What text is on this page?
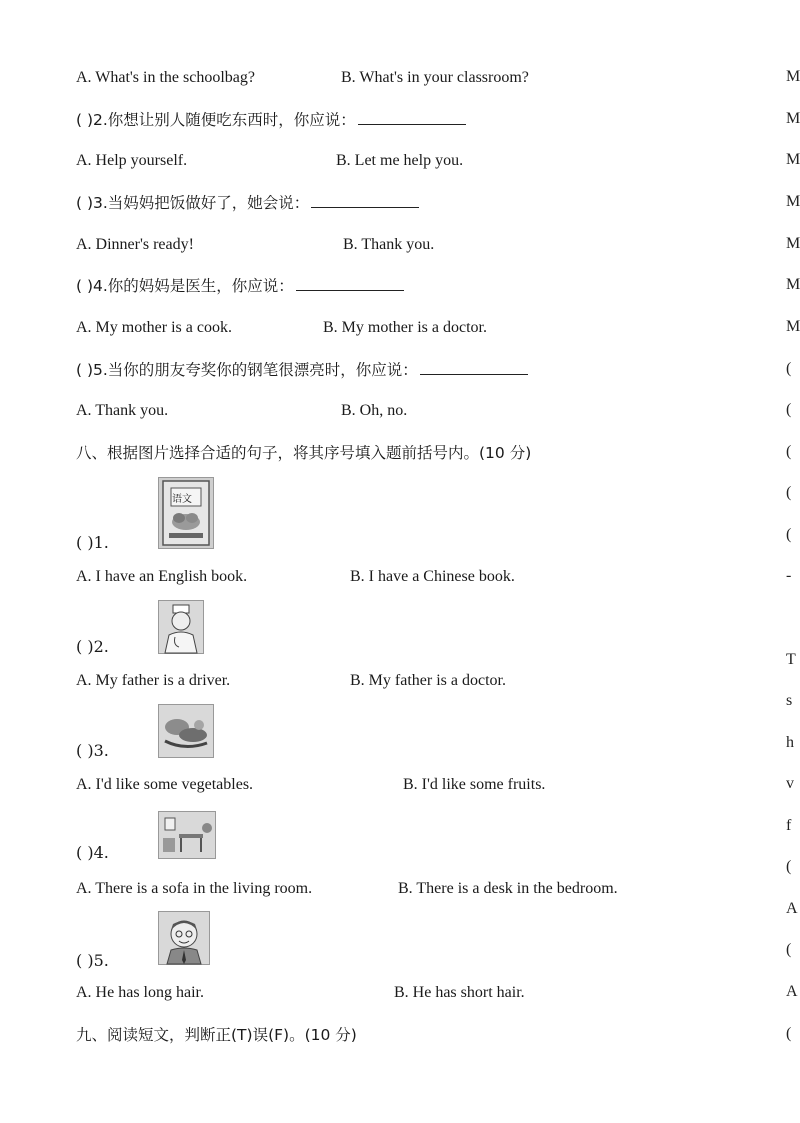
A. What's in the schoolbag?	B. What's in your classroom?
( )2.你想让别人随便吃东西时，你应说：
A. Help yourself.	B. Let me help you.
( )3.当妈妈把饭做好了，她会说：
A. Dinner's ready!	B. Thank you.
( )4.你的妈妈是医生，你应说：
A. My mother is a cook.	B. My mother is a doctor.
( )5.当你的朋友夸奖你的钢笔很漂亮时，你应说：
A. Thank you.	B. Oh, no.
八、根据图片选择合适的句子，将其序号填入题前括号内。(10 分)
语文
( )1.
A. I have an English book.	B. I have a Chinese book.
( )2.
A. My father is a driver.	B. My father is a doctor.
( )3.
A. I'd like some vegetables.	B. I'd like some fruits.
( )4.
A. There is a sofa in the living room.	B. There is a desk in the bedroom.
( )5.
A. He has long hair.	B. He has short hair.
九、阅读短文，判断正(T)误(F)。(10 分)
M
M
M
M
M
M
M
(
(
(
(
(
-
T
s
h
v
f
(
A
(
A
(
